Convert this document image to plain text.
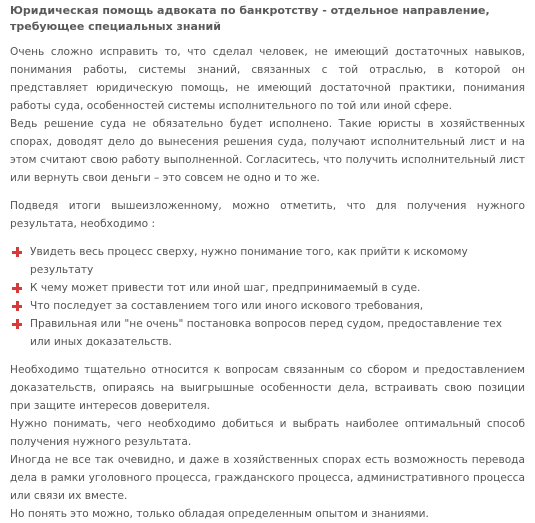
Юридическая помощь адвоката по банкротству - отдельное направление, требующее специальных знаний

Очень сложно исправить то, что сделал человек, не имеющий достаточных навыков, понимания работы, системы знаний, связанных с той отраслью, в которой он представляет юридическую помощь, не имеющий достаточной практики, понимания работы суда, особенностей системы исполнительного по той или иной сфере.

Ведь решение суда не обязательно будет исполнено. Такие юристы в хозяйственных спорах, доводят дело до вынесения решения суда, получают исполнительный лист и на этом считают свою работу выполненной. Согласитесь, что получить исполнительный лист или вернуть свои деньги – это совсем не одно и то же.

Подведя итоги вышеизложенному, можно отметить, что для получения нужного результата, необходимо :

Увидеть весь процесс сверху, нужно понимание того, как прийти к искомому результату
К чему может привести тот или иной шаг, предпринимаемый в суде.
Что последует за составлением того или иного искового требования,
Правильная или "не очень" постановка вопросов перед судом, предоставление тех или иных доказательств.

Необходимо тщательно относится к вопросам связанным со сбором и предоставлением доказательств, опираясь на выигрышные особенности дела, встраивать свою позиции при защите интересов доверителя.

Нужно понимать, чего необходимо добиться и выбрать наиболее оптимальный способ получения нужного результата.

Иногда не все так очевидно, и даже в хозяйственных спорах есть возможность перевода дела в рамки уголовного процесса, гражданского процесса, административного процесса или связи их вместе.

Но понять это можно, только обладая определенным опытом и знаниями.
